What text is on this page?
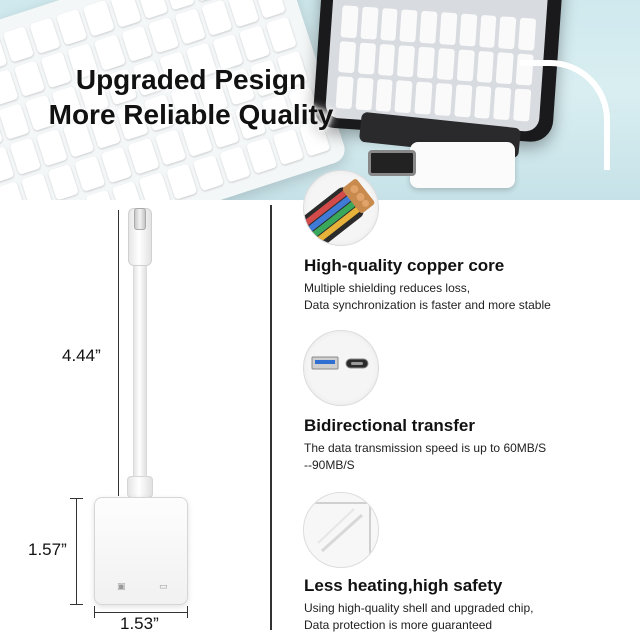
Upgraded Pesign
More Reliable Quality
▣	▭
4.44”
1.57”
1.53”
High-quality copper core
Multiple shielding reduces loss,
Data synchronization is faster and more stable
Bidirectional transfer
The data transmission speed is up to 60MB/S
--90MB/S
Less heating,high safety
Using high-quality shell and upgraded chip,
Data protection is more guaranteed
